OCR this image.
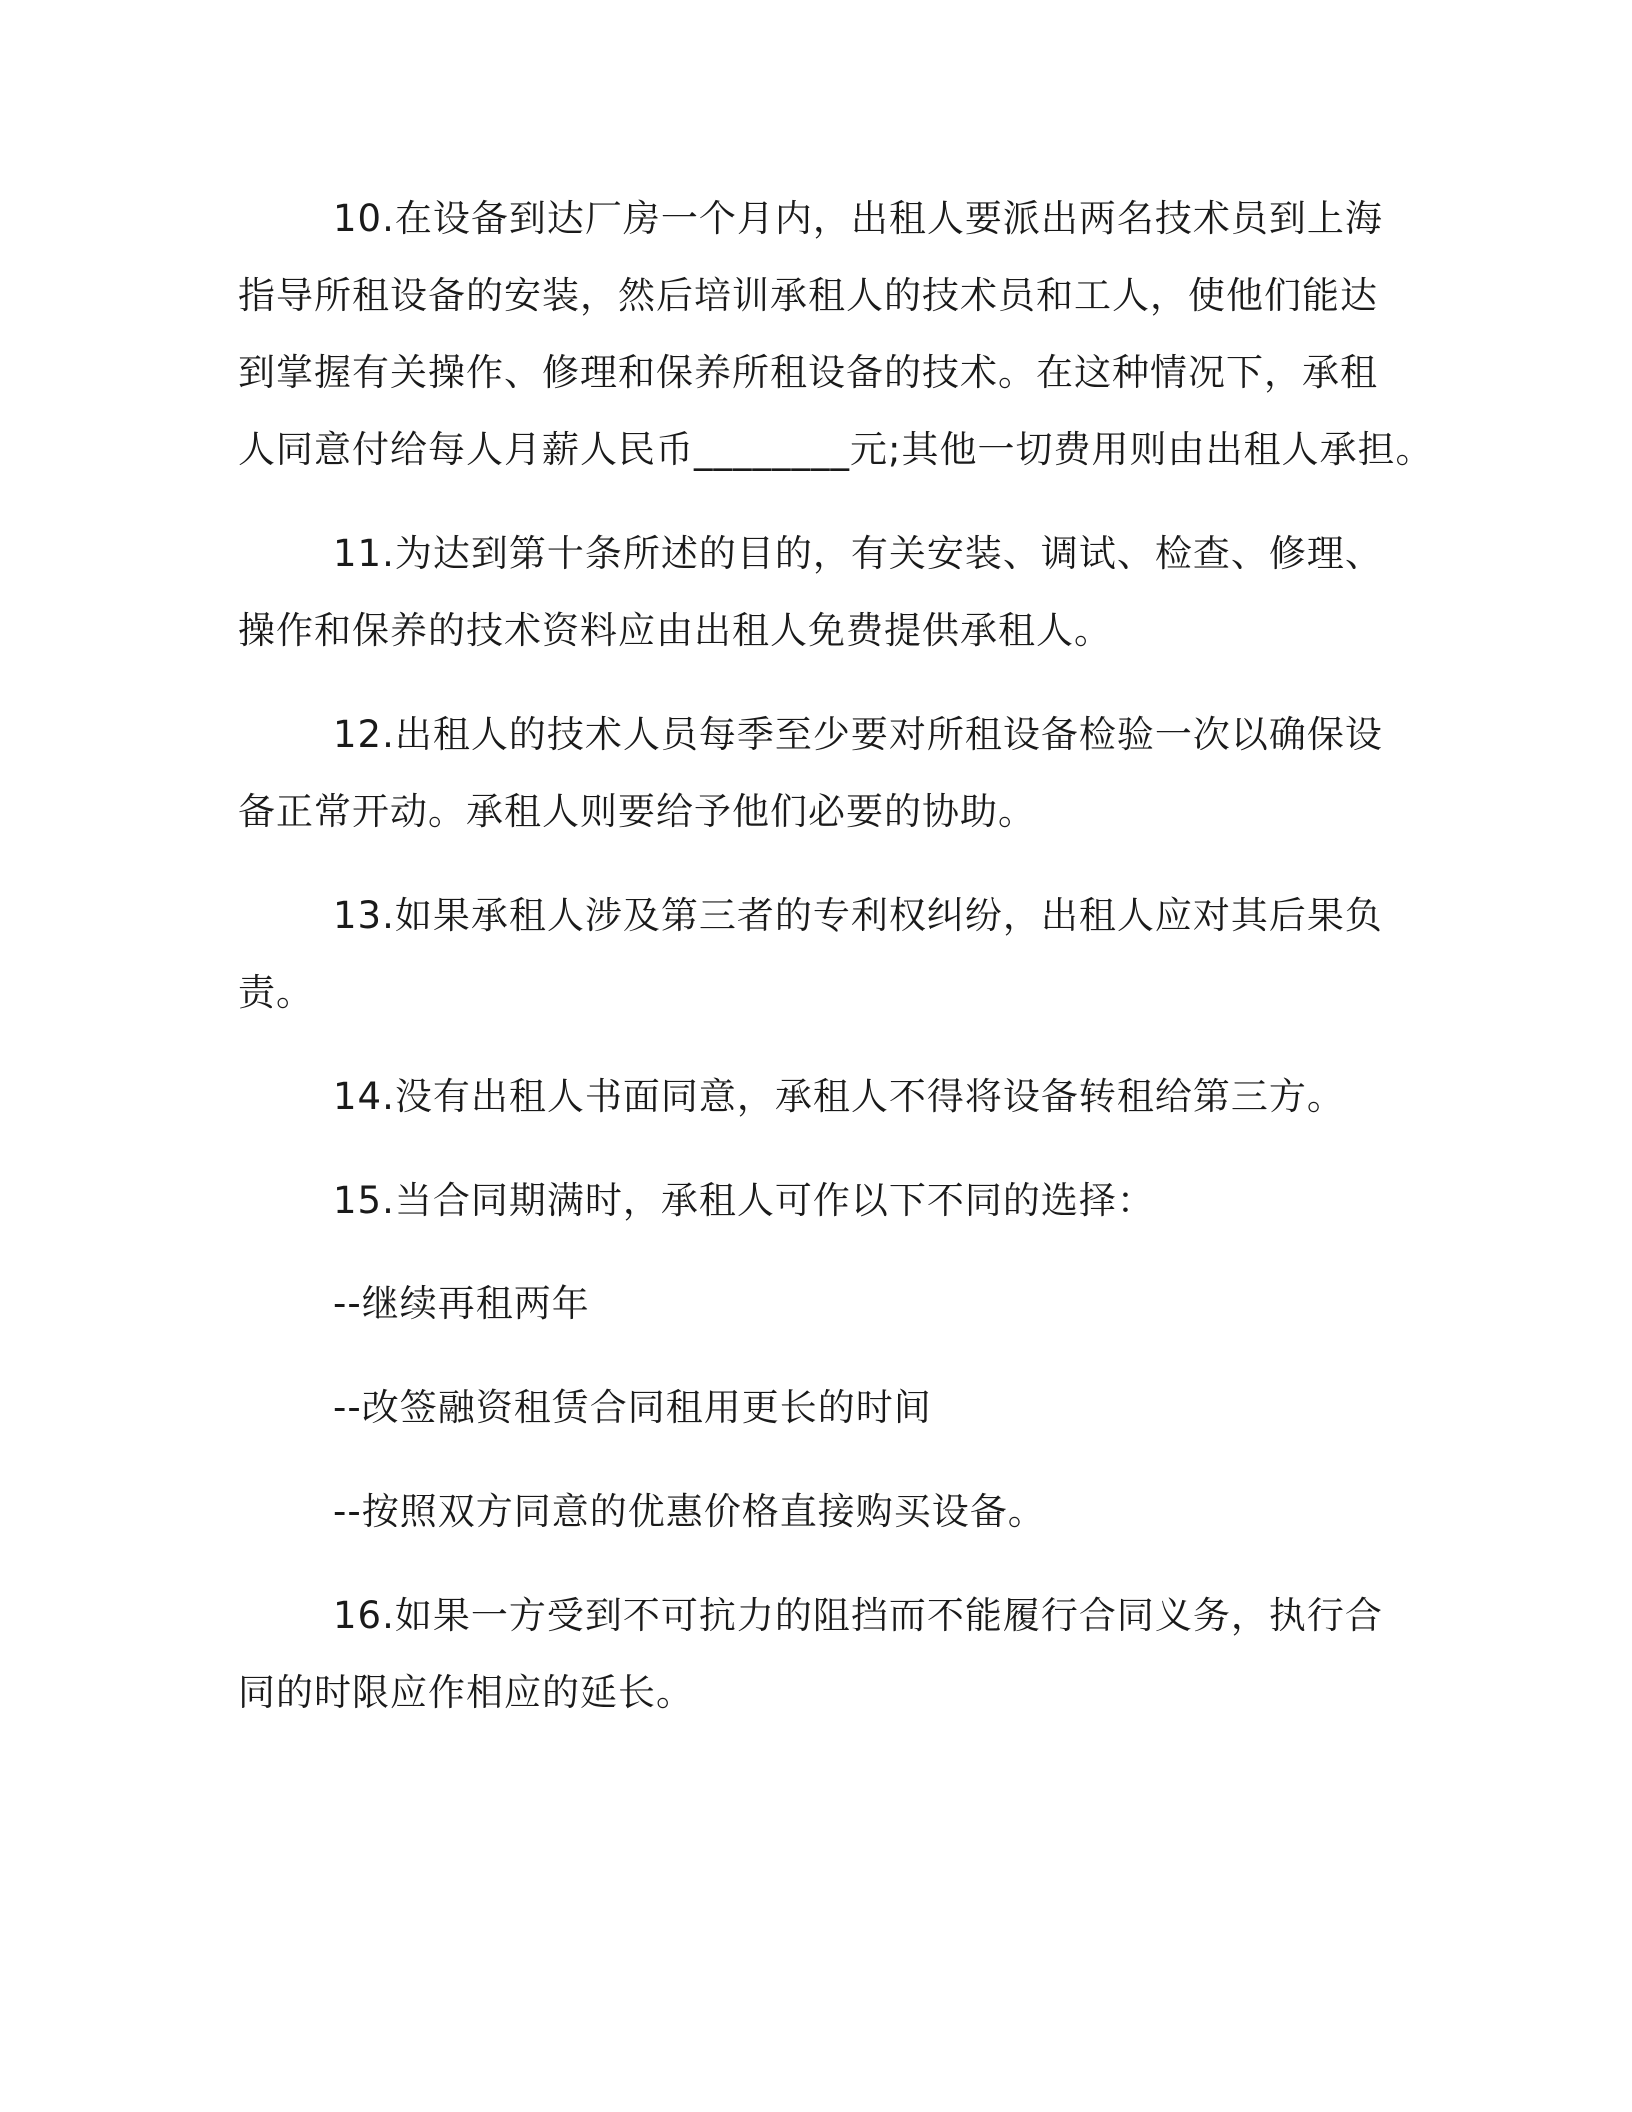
10.在设备到达厂房一个月内，出租人要派出两名技术员到上海
指导所租设备的安装，然后培训承租人的技术员和工人，使他们能达
到掌握有关操作、修理和保养所租设备的技术。在这种情况下，承租
人同意付给每人月薪人民币________元;其他一切费用则由出租人承担。
11.为达到第十条所述的目的，有关安装、调试、检查、修理、
操作和保养的技术资料应由出租人免费提供承租人。
12.出租人的技术人员每季至少要对所租设备检验一次以确保设
备正常开动。承租人则要给予他们必要的协助。
13.如果承租人涉及第三者的专利权纠纷，出租人应对其后果负
责。
14.没有出租人书面同意，承租人不得将设备转租给第三方。
15.当合同期满时，承租人可作以下不同的选择：
--继续再租两年
--改签融资租赁合同租用更长的时间
--按照双方同意的优惠价格直接购买设备。
16.如果一方受到不可抗力的阻挡而不能履行合同义务，执行合
同的时限应作相应的延长。
